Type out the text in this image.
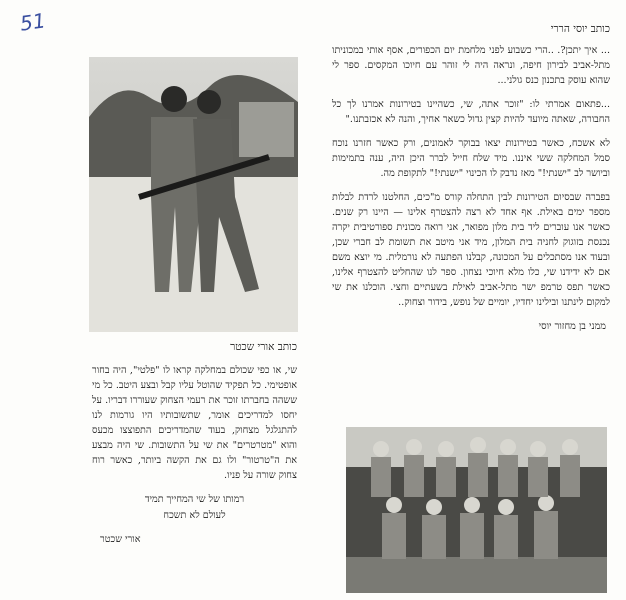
51	כותב יוסי הררי

... איך יתכן?. ..הרי כשבוע לפני מלחמת יום הכפורים, אסף אותי במכוניתו מתל-אביב לבירון חיפה, ונראה היה לי זוהר עם חיוכו המקסים. ספר לי שהוא עוסק בתכנון כנס גולני...

...פתאום אמרתי לו: "זוכר אתה, שי, כשהיינו בטירונות אמרנו לך כל החבורה, שאתה מיועד להיות קצין גדול כשאר אחיך, והנה לא אכזבתנו."

לא אשכח, כאשר בטירונות יצאו בבוקר לאמונים, ורק כאשר חזרנו נוכח סמל המחלקה ששי איננו. מיד שלח חייל לברר היכן היה, ענה בתמימות וביושר לב "ישנתי!" מאז נדבק לו הכינוי "ישנתי!" לתקופת מה.

בפברה שבסיום הטירונות לבין התחלה קורס מ"כים, החלטנו לרדת לבלות מספר ימים באילת. אף אחד לא רצה להצטרף אלינו — היינו רק שנים. כאשר אנו עוברים ליד בית מלון מפואר, אני רואה מכונית ספורטיבית יקרה נכנסת בזוגוק לחניה בית המלון, מיד אני מיטב את תשומת לב חברי שכן, ובעוד אנו מסתכלים על המכונה, קבלנו הפתעה לא נורמלית. מי יוצא משם אם לא ידידנו שי, כלו מלא חיוכי נצחון. ספר לנו שהחליט להצטרף אלינו, כאשר תפס טרמפ ישר מתל-אביב לאילת בשעתיים וחצי. הוכלנו את שי למקום לינתנו ובילינו יחדיו, יומיים של נופש, בידור וצחוק..

ממני בן מחזור יוסי
כותב אורי שכטר

שי, או כפי שכולם במחלקה קראו לו "פלטי", היה בחור אופטימי. כל תפקיד שהוטל עליו קבל ובצע היטב. כל מי ששהה בחברתו זוכר את רעמי הצחוק שעוררו דבריו. על יחסו למדריכים אומר, שתשובותיו היו גורמות לנו להתגלגל מצחוק, בעוד שהמדריכים התפוצצו מכעס והוא "מטרטרים" את שי על התשובות. שי היה מבצע את ה"טרטור" ולו גם את הקשה ביותר, כאשר רוח צחוק שורה על פניו.

רמותו של שי המחייך תמיד
לעולם לא תשכח
אורי שכטר
